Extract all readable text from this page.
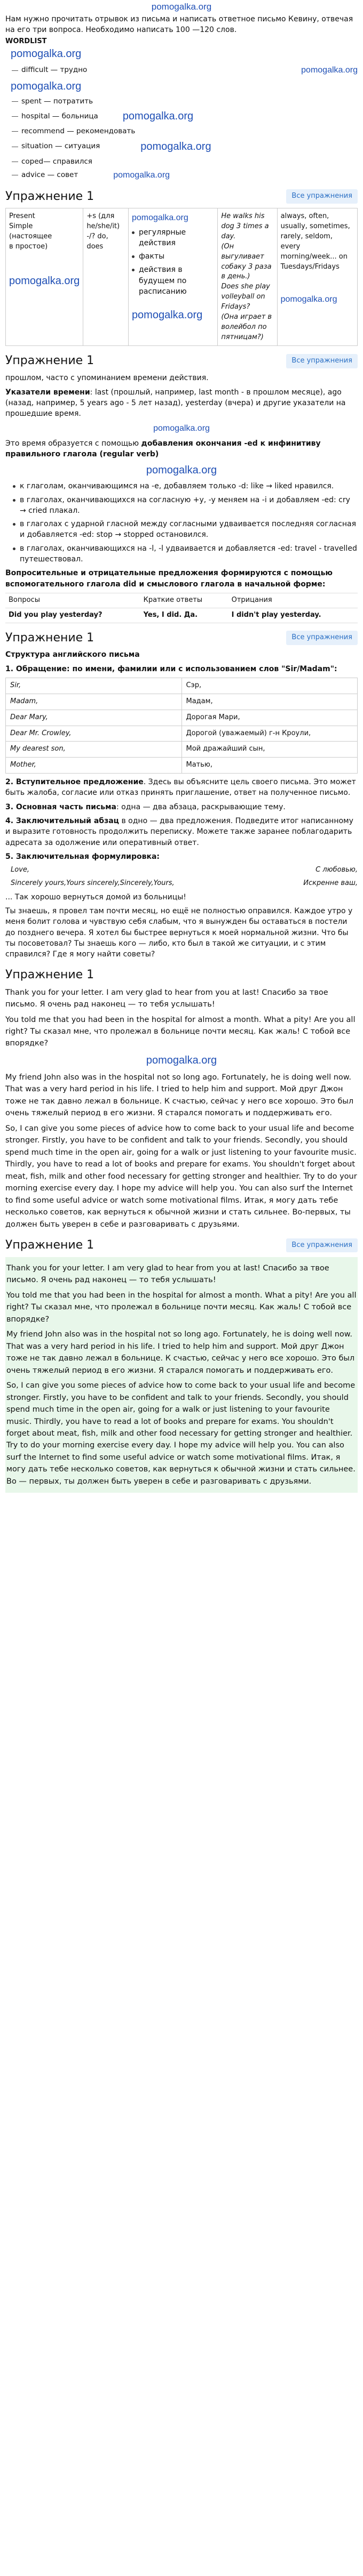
pomogalka.org

Нам нужно прочитать отрывок из письма и написать ответное письмо Кевину, отвечая на его три вопроса. Необходимо написать 100 —120 слов.

WORDLIST
pomogalka.org
difficult — трудно	pomogalka.org
pomogalka.org
spent — потратить
hospital — больница pomogalka.org
recommend — рекомендовать
situation — ситуация	pomogalka.org
coped— справился
advice — совет	pomogalka.org
Упражнение 1	Все упражнения
Present
Simple
(настоящее
в простое)
pomogalka.org

+s (для
he/she/it)
-/? do,
does

pomogalka.org
регулярные действия
факты
действия в будущем по расписанию
pomogalka.org

He walks his dog 3 times a day.
(Он выгуливает собаку 3 раза в день.)
Does she play volleyball on Fridays?
(Она играет в волейбол по пятницам?)

always, often, usually, sometimes, rarely, seldom, every morning/week... on Tuesdays/Fridays
pomogalka.org
Упражнение 1	Все упражнения

прошлом, часто с упоминанием времени действия.

Указатели времени: last (прошлый, например, last month - в прошлом месяце), ago (назад, например, 5 years ago - 5 лет назад), yesterday (вчера) и другие указатели на прошедшие время.

pomogalka.org

Это время образуется с помощью добавления окончания -ed к инфинитиву правильного глагола (regular verb)

pomogalka.org
к глаголам, оканчивающимся на -e, добавляем только -d: like → liked нравился.
в глаголах, оканчивающихся на согласную +y, -y меняем на -i и добавляем -ed: cry → cried плакал.
в глаголах с ударной гласной между согласными удваивается последняя согласная и добавляется -ed: stop → stopped остановился.
в глаголах, оканчивающихся на -l, -l удваивается и добавляется -ed: travel - travelled путешествовал.

Вопросительные и отрицательные предложения формируются с помощью вспомогательного глагола did и смыслового глагола в начальной форме:

Вопросы	Краткие ответы	Отрицания
Did you play yesterday?	Yes, I did. Да.	I didn't play yesterday.
Упражнение 1	Все упражнения

Структура английского письма

1. Обращение: по имени, фамилии или с использованием слов "Sir/Madam":

Sir,	Сэр,
Madam,	Мадам,
Dear Mary,	Дорогая Мари,
Dear Mr. Crowley,	Дорогой (уважаемый) г-н Кроули,
My dearest son,	Мой дражайший сын,
Mother,	Матью,

2. Вступительное предложение. Здесь вы объясните цель своего письма. Это может быть жалоба, согласие или отказ принять приглашение, ответ на полученное письмо.

3. Основная часть письма: одна — два абзаца, раскрывающие тему.

4. Заключительный абзац в одно — два предложения. Подведите итог написанному и выразите готовность продолжить переписку. Можете также заранее поблагодарить адресата за одолжение или оперативный ответ.

5. Заключительная формулировка:

Love,	С любовью,
Sincerely yours,Yours sincerely,Sincerely,Yours,	Искренне ваш,

... Так хорошо вернуться домой из больницы!

Ты знаешь, я провел там почти месяц, но ещё не полностью оправился. Каждое утро у меня болит голова и чувствую себя слабым, что я вынужден бы оставаться в постели до позднего вечера. Я хотел бы быстрее вернуться к моей нормальной жизни. Что бы ты посоветовал? Ты знаешь кого — либо, кто был в такой же ситуации, и с этим справился? Где я могу найти советы?

Упражнение 1

Thank you for your letter. I am very glad to hear from you at last! Спасибо за твое письмо. Я очень рад наконец — то тебя услышать!

You told me that you had been in the hospital for almost a month. What a pity! Are you all right? Ты сказал мне, что пролежал в больнице почти месяц. Как жаль! С тобой все впорядке?

pomogalka.org

My friend John also was in the hospital not so long ago. Fortunately, he is doing well now. That was a very hard period in his life. I tried to help him and support. Мой друг Джон тоже не так давно лежал в больнице. К счастью, сейчас у него все хорошо. Это был очень тяжелый период в его жизни. Я старался помогать и поддерживать его.

So, I can give you some pieces of advice how to come back to your usual life and become stronger. Firstly, you have to be confident and talk to your friends. Secondly, you should spend much time in the open air, going for a walk or just listening to your favourite music. Thirdly, you have to read a lot of books and prepare for exams. You shouldn't forget about meat, fish, milk and other food necessary for getting stronger and healthier. Try to do your morning exercise every day. I hope my advice will help you. You can also surf the Internet to find some useful advice or watch some motivational films. Итак, я могу дать тебе несколько советов, как вернуться к обычной жизни и стать сильнее. Во-первых, ты должен быть уверен в себе и разговаривать с друзьями.

Упражнение 1	Все упражнения

Thank you for your letter. I am very glad to hear from you at last! Спасибо за твое письмо. Я очень рад наконец — то тебя услышать!

You told me that you had been in the hospital for almost a month. What a pity! Are you all right? Ты сказал мне, что пролежал в больнице почти месяц. Как жаль! С тобой все впорядке?

My friend John also was in the hospital not so long ago. Fortunately, he is doing well now. That was a very hard period in his life. I tried to help him and support. Мой друг Джон тоже не так давно лежал в больнице. К счастью, сейчас у него все хорошо. Это был очень тяжелый период в его жизни. Я старался помогать и поддерживать его.

So, I can give you some pieces of advice how to come back to your usual life and become stronger. Firstly, you have to be confident and talk to your friends. Secondly, you should spend much time in the open air, going for a walk or just listening to your favourite music. Thirdly, you have to read a lot of books and prepare for exams. You shouldn't forget about meat, fish, milk and other food necessary for getting stronger and healthier. Try to do your morning exercise every day. I hope my advice will help you. You can also surf the Internet to find some useful advice or watch some motivational films. Итак, я могу дать тебе несколько советов, как вернуться к обычной жизни и стать сильнее. Во — первых, ты должен быть уверен в себе и разговаривать с друзьями.
